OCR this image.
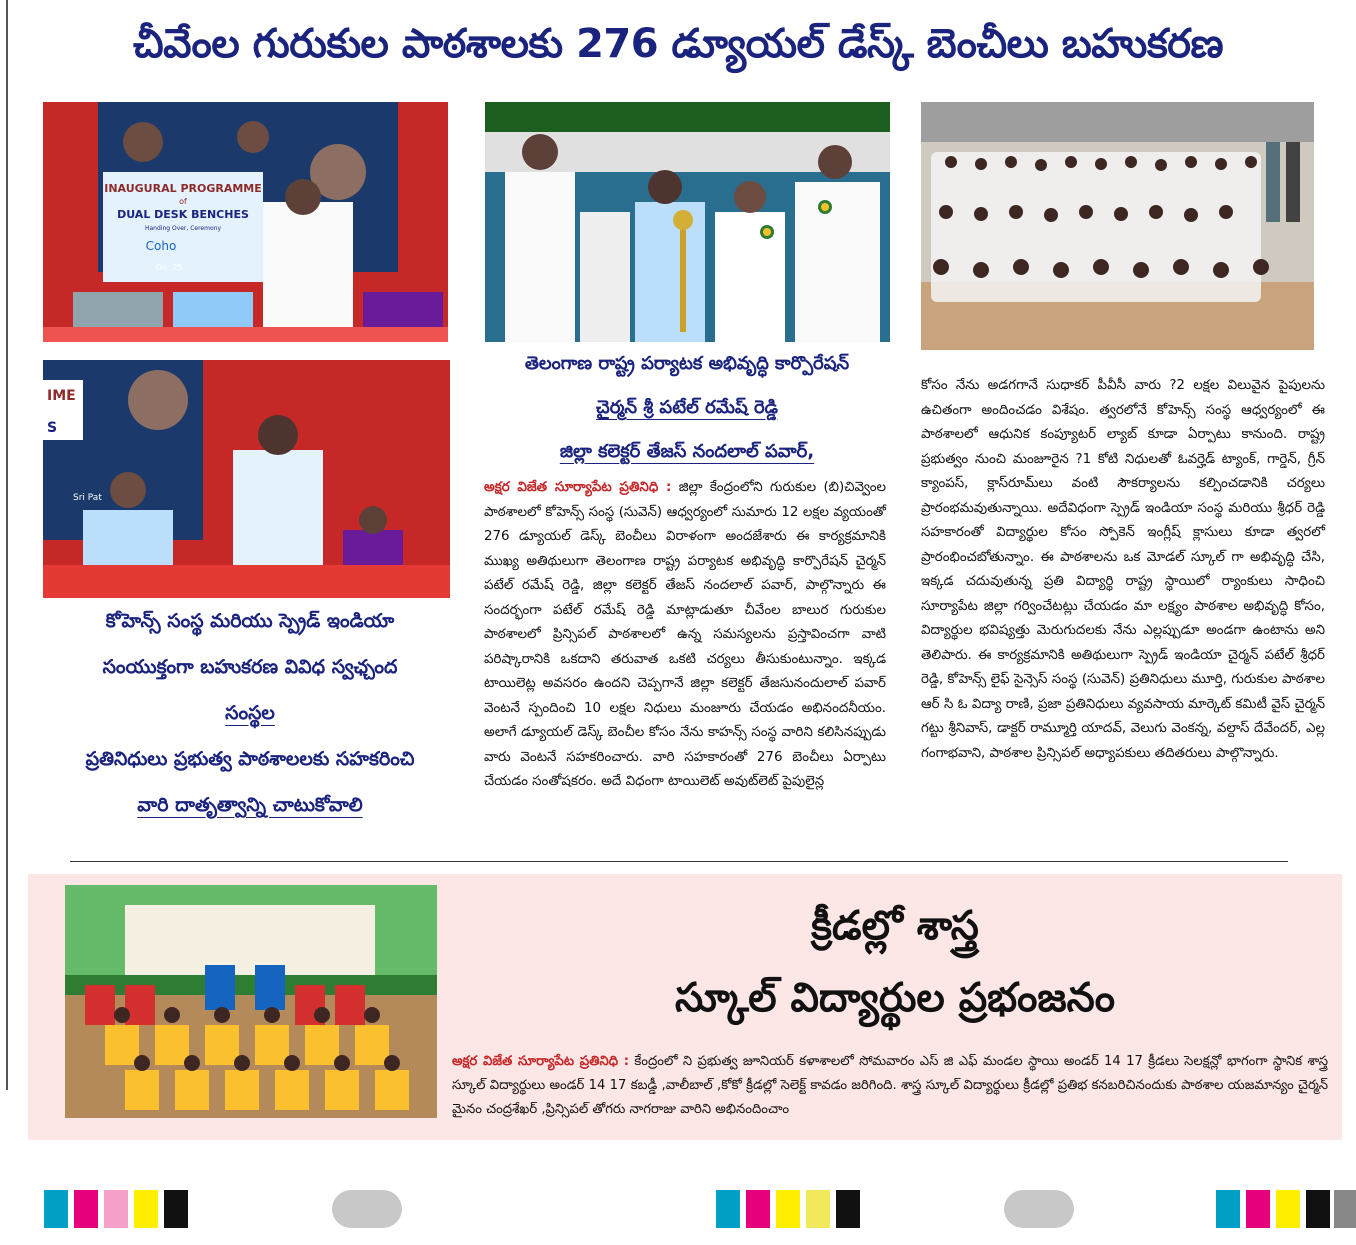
చీవేంల గురుకుల పాఠశాలకు 276 డ్యూయల్ డేస్క్ బెంచీలు బహుకరణ
INAUGURAL PROGRAMME
of
DUAL DESK BENCHES
Handing Over, Ceremony
Coho
On: 25
IME
S
Sri Pat
కోహెన్స్ సంస్థ మరియు స్ప్రెడ్ ఇండియా
సంయుక్తంగా బహుకరణ వివిధ స్వఛ్చంద
సంస్థల
ప్రతినిధులు ప్రభుత్వ పాఠశాలలకు సహకరించి
వారి దాతృత్వాన్ని చాటుకోవాలి
తెలంగాణ రాష్ట్ర పర్యాటక అభివృద్ధి కార్పొరేషన్
చైర్మన్ శ్రీ పటేల్ రమేష్ రెడ్డి
జిల్లా కలెక్టర్ తేజస్ నందలాల్ పవార్,
అక్షర విజేత సూర్యాపేట ప్రతినిధి : జిల్లా కేంద్రంలోని గురుకుల (బి)చివ్వెంల పాఠశాలలో కోహెన్స్ సంస్థ (సువెన్) ఆధ్వర్యంలో సుమారు 12 లక్షల వ్యయంతో 276 డ్యూయల్ డెస్క్ బెంచీలు విరాళంగా అందజేశారు ఈ కార్యక్రమానికి ముఖ్య అతిథులుగా తెలంగాణ రాష్ట్ర పర్యాటక అభివృద్ధి కార్పొరేషన్ చైర్మన్ పటేల్ రమేష్ రెడ్డి, జిల్లా కలెక్టర్ తేజస్ నందలాల్ పవార్, పాల్గొన్నారు ఈ సందర్భంగా పటేల్ రమేష్ రెడ్డి మాట్లాడుతూ చీవేంల బాలుర గురుకుల పాఠశాలలో ప్రిన్సిపల్ పాఠశాలలో ఉన్న సమస్యలను ప్రస్తావించగా వాటి పరిష్కారానికి ఒకదాని తరువాత ఒకటి చర్యలు తీసుకుంటున్నాం. ఇక్కడ టాయిలెట్ల అవసరం ఉందని చెప్పగానే జిల్లా కలెక్టర్ తేజసునందులాల్ పవార్ వెంటనే స్పందించి 10 లక్షల నిధులు మంజూరు చేయడం అభినందనీయం. అలాగే డ్యూయల్ డెస్క్ బెంచీల కోసం నేను కాహన్స్ సంస్థ వారిని కలిసినప్పుడు వారు వెంటనే సహకరించారు. వారి సహకారంతో 276 బెంచీలు ఏర్పాటు చేయడం సంతోషకరం. అదే విధంగా టాయిలెట్ అవుట్‌లెట్ పైపులైన్ల
కోసం నేను అడగగానే సుధాకర్ పీవీసీ వారు ?2 లక్షల విలువైన పైపులను ఉచితంగా అందించడం విశేషం. త్వరలోనే కోహెన్స్ సంస్థ ఆధ్వర్యంలో ఈ పాఠశాలలో ఆధునిక కంప్యూటర్ ల్యాబ్ కూడా ఏర్పాటు కానుంది. రాష్ట్ర ప్రభుత్వం నుంచి మంజూరైన ?1 కోటి నిధులతో ఓవర్హెడ్ ట్యాంక్, గార్డెన్, గ్రీన్ క్యాంపస్, క్లాస్‌రూమ్‌లు వంటి సౌకర్యాలను కల్పించడానికి చర్యలు ప్రారంభమవుతున్నాయి. అదేవిధంగా స్ప్రెడ్ ఇండియా సంస్థ మరియు శ్రీధర్ రెడ్డి సహకారంతో విద్యార్థుల కోసం స్పోకెన్ ఇంగ్లీష్ క్లాసులు కూడా త్వరలో ప్రారంభించబోతున్నాం. ఈ పాఠశాలను ఒక మోడల్ స్కూల్ గా అభివృద్ధి చేసి, ఇక్కడ చదువుతున్న ప్రతి విద్యార్థి రాష్ట్ర స్థాయిలో ర్యాంకులు సాధించి సూర్యాపేట జిల్లా గర్వించేటట్లు చేయడం మా లక్ష్యం పాఠశాల అభివృద్ధి కోసం, విద్యార్థుల భవిష్యత్తు మెరుగుదలకు నేను ఎల్లప్పుడూ అండగా ఉంటాను అని తెలిపారు. ఈ కార్యక్రమానికి అతిథులుగా స్ప్రెడ్ ఇండియా చైర్మన్ పటేల్ శ్రీధర్ రెడ్డి, కోహెన్స్ లైఫ్ సైన్సెస్ సంస్థ (సువెన్) ప్రతినిధులు మూర్తి, గురుకుల పాఠశాల ఆర్ సి ఓ విద్యా రాణి, ప్రజా ప్రతినిధులు వ్యవసాయ మార్కెట్ కమిటీ వైస్ చైర్మన్ గట్టు శ్రీనివాస్, డాక్టర్ రామ్మూర్తి యాదవ్, వెలుగు వెంకన్న, వల్దాస్ దేవేందర్, ఎల్ల గంగాభవాని, పాఠశాల ప్రిన్సిపల్ అధ్యాపకులు తదితరులు పాల్గొన్నారు.
క్రీడల్లో శాస్త్ర
స్కూల్ విద్యార్థుల ప్రభంజనం
అక్షర విజేత సూర్యాపేట ప్రతినిధి : కేంద్రంలో ని ప్రభుత్వ జూనియర్ కళాశాలలో సోమవారం ఎస్ జి ఎఫ్ మండల స్థాయి అండర్ 14 17 క్రీడలు సెలక్షన్లో భాగంగా స్థానిక శాస్త్ర స్కూల్ విద్యార్థులు అండర్ 14 17 కబడ్డీ ,వాలీబాల్ ,కోకో క్రీడల్లో సెలెక్ట్ కావడం జరిగింది. శాస్త్ర స్కూల్ విద్యార్థులు క్రీడల్లో ప్రతిభ కనబరిచినందుకు పాఠశాల యజమాన్యం చైర్మన్ మైనం చంద్రశేఖర్ ,ప్రిన్సిపల్ తోగరు నాగరాజు వారిని అభినందించాం
